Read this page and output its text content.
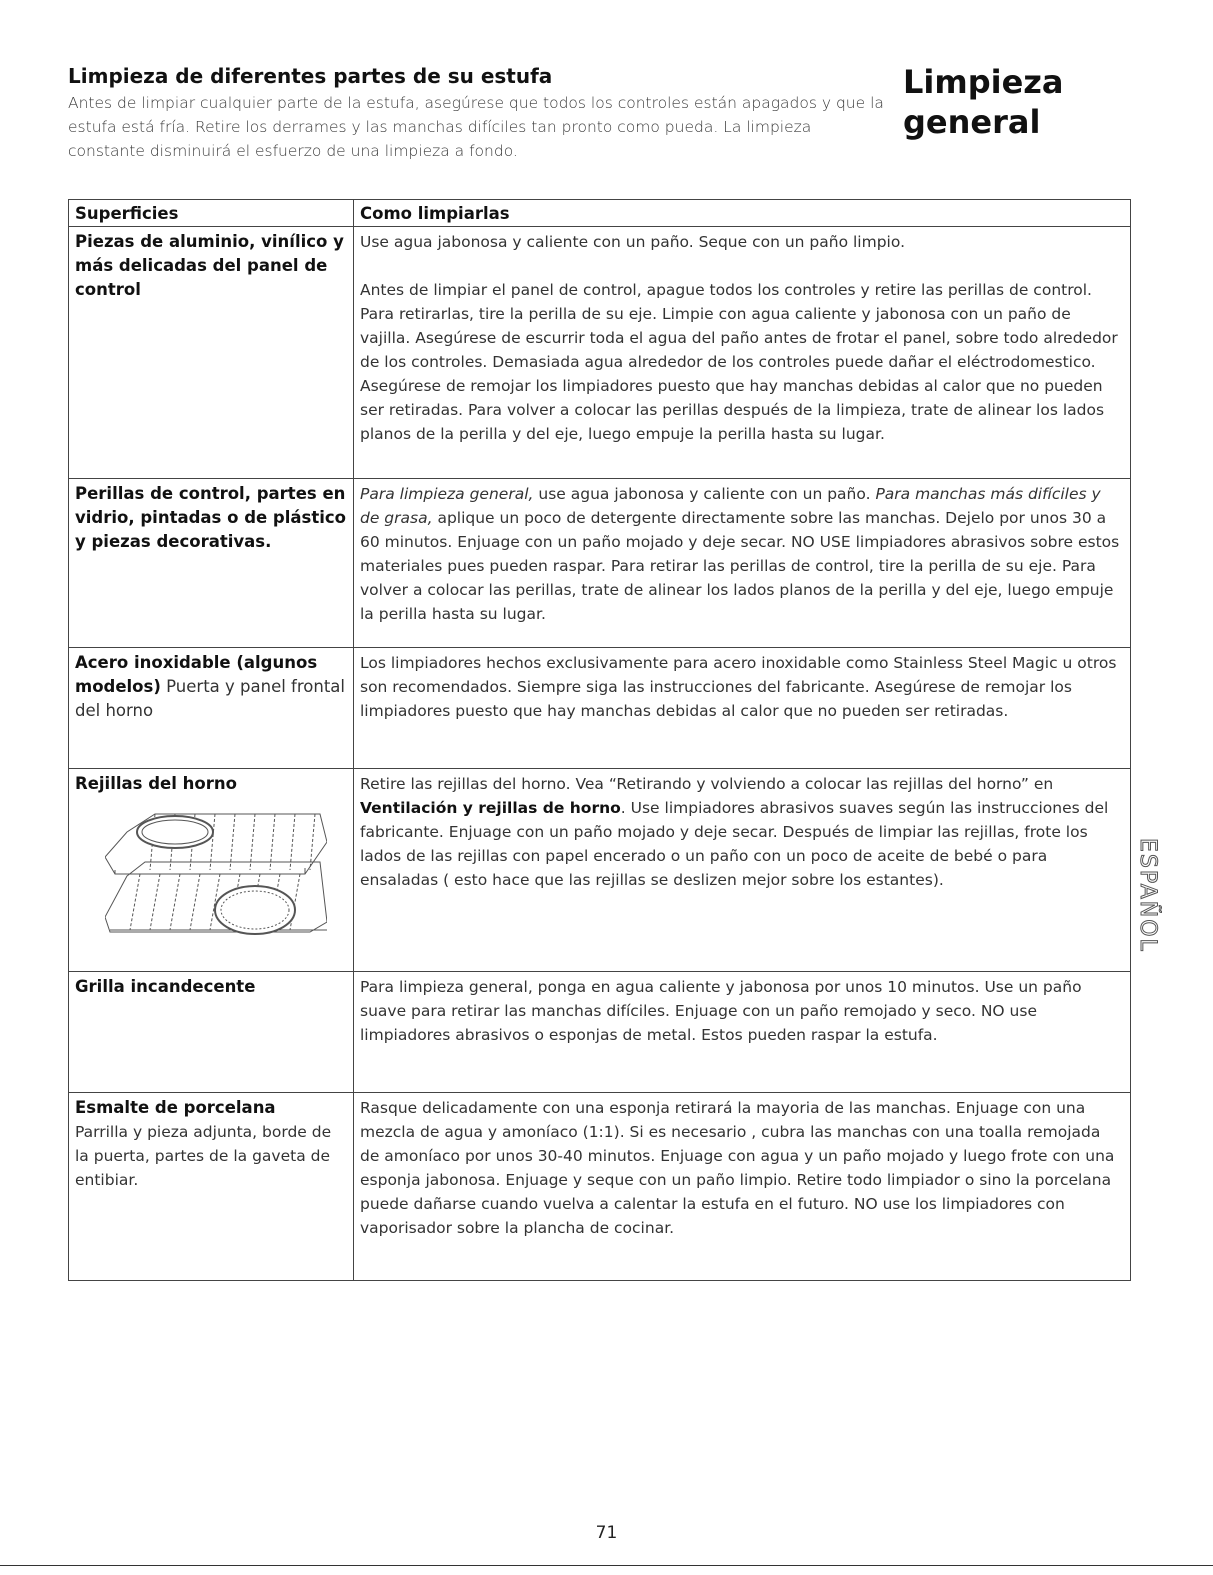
Limpieza de diferentes partes de su estufa
Antes de limpiar cualquier parte de la estufa, asegúrese que todos los controles están apagados y que la estufa está fría. Retire los derrames y las manchas difíciles tan pronto como pueda. La limpieza constante disminuirá el esfuerzo de una limpieza a fondo.
Limpieza
general
Superficies	Como limpiarlas

Piezas de aluminio, vinílico y más delicadas del panel de control	Use agua jabonosa y caliente con un paño. Seque con un paño limpio.

Antes de limpiar el panel de control, apague todos los controles y retire las perillas de control. Para retirarlas, tire la perilla de su eje. Limpie con agua caliente y jabonosa con un paño de vajilla. Asegúrese de escurrir toda el agua del paño antes de frotar el panel, sobre todo alrededor de los controles. Demasiada agua alrededor de los controles puede dañar el eléctrodomestico. Asegúrese de remojar los limpiadores puesto que hay manchas debidas al calor que no pueden ser retiradas. Para volver a colocar las perillas después de la limpieza, trate de alinear los lados planos de la perilla y del eje, luego empuje la perilla hasta su lugar.

Perillas de control, partes en vidrio, pintadas o de plástico y piezas decorativas.	Para limpieza general, use agua jabonosa y caliente con un paño. Para manchas más difíciles y de grasa, aplique un poco de detergente directamente sobre las manchas. Dejelo por unos 30 a 60 minutos. Enjuage con un paño mojado y deje secar. NO USE limpiadores abrasivos sobre estos materiales pues pueden raspar. Para retirar las perillas de control, tire la perilla de su eje. Para volver a colocar las perillas, trate de alinear los lados planos de la perilla y del eje, luego empuje la perilla hasta su lugar.

Acero inoxidable (algunos modelos) Puerta y panel frontal del horno	Los limpiadores hechos exclusivamente para acero inoxidable como Stainless Steel Magic u otros son recomendados. Siempre siga las instrucciones del fabricante. Asegúrese de remojar los limpiadores puesto que hay manchas debidas al calor que no pueden ser retiradas.

Rejillas del horno	Retire las rejillas del horno. Vea “Retirando y volviendo a colocar las rejillas del horno” en Ventilación y rejillas de horno. Use limpiadores abrasivos suaves según las instrucciones del fabricante. Enjuage con un paño mojado y deje secar. Después de limpiar las rejillas, frote los lados de las rejillas con papel encerado o un paño con un poco de aceite de bebé o para ensaladas ( esto hace que las rejillas se deslizen mejor sobre los estantes).

Grilla incandecente	Para limpieza general, ponga en agua caliente y jabonosa por unos 10 minutos. Use un paño suave para retirar las manchas difíciles. Enjuage con un paño remojado y seco. NO use limpiadores abrasivos o esponjas de metal. Estos pueden raspar la estufa.

Esmalte de porcelana
Parrilla y pieza adjunta, borde de la puerta, partes de la gaveta de entibiar.	Rasque delicadamente con una esponja retirará la mayoria de las manchas. Enjuage con una mezcla de agua y amoníaco (1:1). Si es necesario , cubra las manchas con una toalla remojada de amoníaco por unos 30-40 minutos. Enjuage con agua y un paño mojado y luego frote con una esponja jabonosa. Enjuage y seque con un paño limpio. Retire todo limpiador o sino la porcelana puede dañarse cuando vuelva a calentar la estufa en el futuro. NO use los limpiadores con vaporisador sobre la plancha de cocinar.

ESPAÑOL
71
